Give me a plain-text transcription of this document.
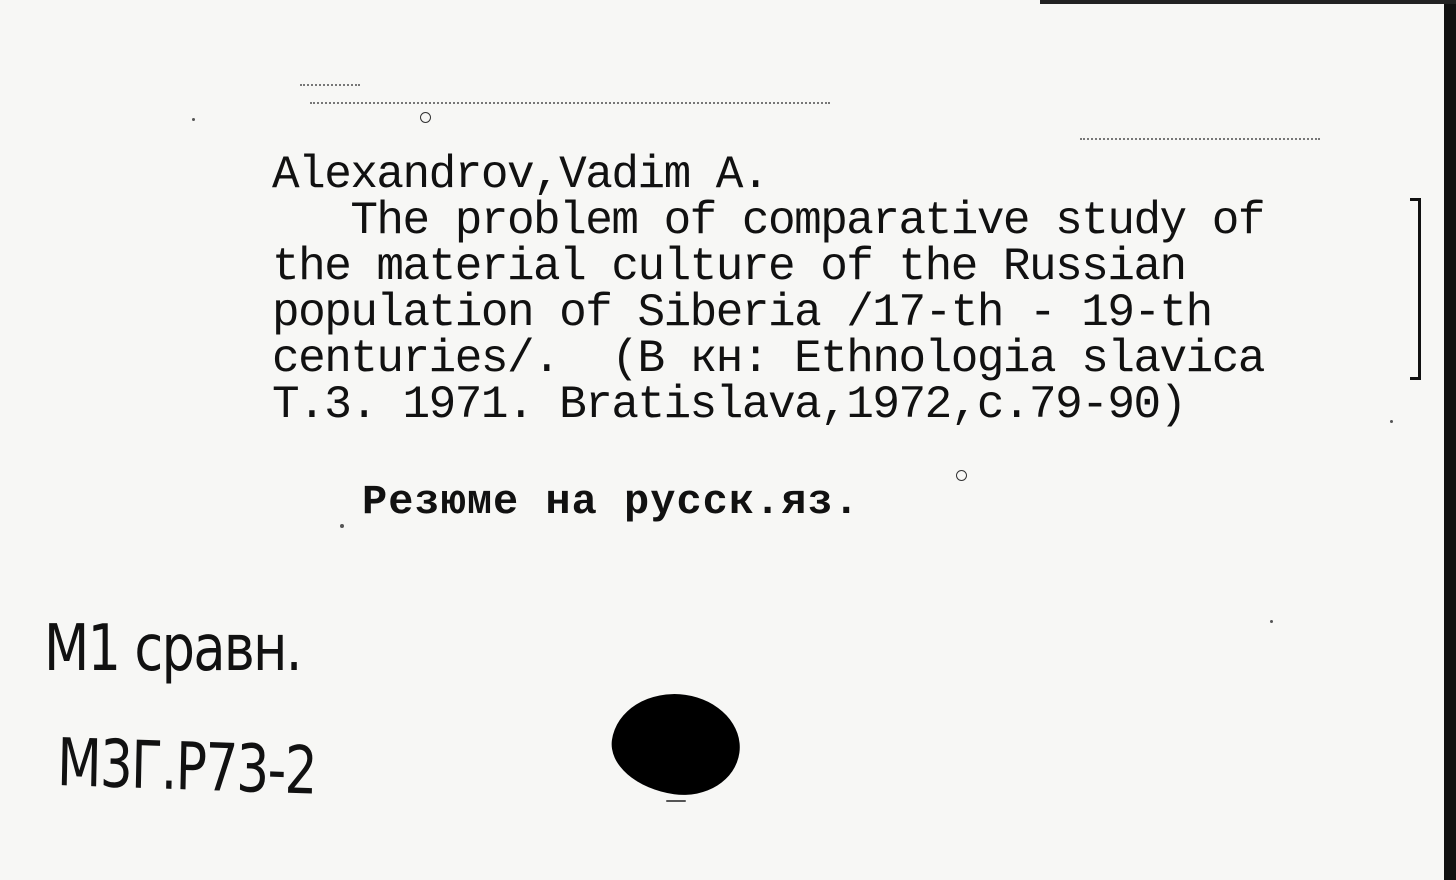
Alexandrov,Vadim A.
The problem of comparative study of
the material culture of the Russian
population of Siberia /17-th - 19-th
centuries/.  (В кн: Ethnologia slavica
T.3. 1971. Bratislava,1972,c.79-90)
Резюме на русск.яз.
M1 сравн.
M3Г.Р73-2
